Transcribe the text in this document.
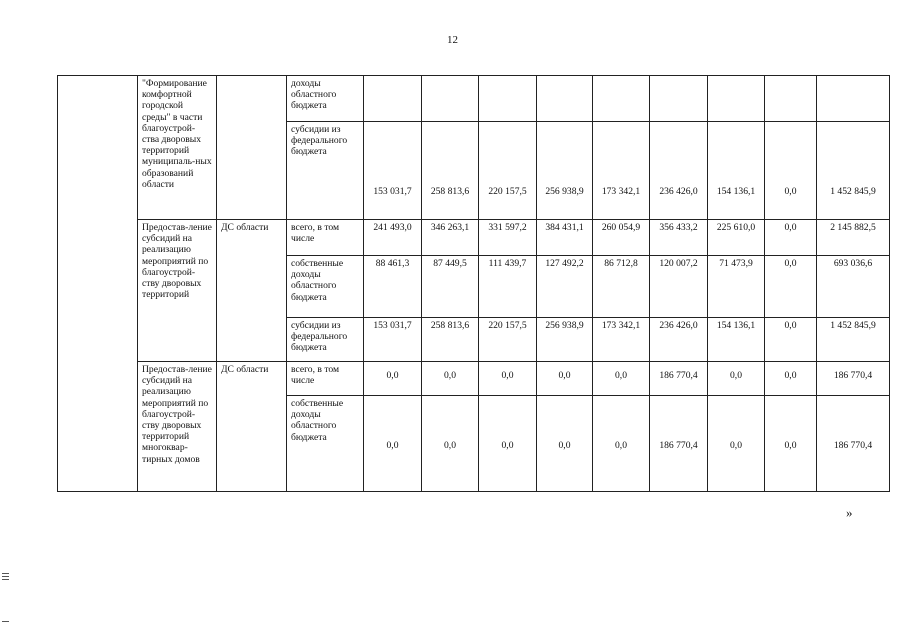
12
	"Формирование комфортной городской среды" в части благоустрой-ства дворовых территорий муниципаль-ных образований области		доходы областного бюджета									
			субсидии из федерального бюджета	153 031,7	258 813,6	220 157,5	256 938,9	173 342,1	236 426,0	154 136,1	0,0	1 452 845,9
	Предостав-ление субсидий на реализацию мероприятий по благоустрой-ству дворовых территорий	ДС области	всего, в том числе	241 493,0	346 263,1	331 597,2	384 431,1	260 054,9	356 433,2	225 610,0	0,0	2 145 882,5
			собственные доходы областного бюджета	88 461,3	87 449,5	111 439,7	127 492,2	86 712,8	120 007,2	71 473,9	0,0	693 036,6
			субсидии из федерального бюджета	153 031,7	258 813,6	220 157,5	256 938,9	173 342,1	236 426,0	154 136,1	0,0	1 452 845,9
	Предостав-ление субсидий на реализацию мероприятий по благоустрой-ству дворовых территорий многоквар-тирных домов	ДС области	всего, в том числе	0,0	0,0	0,0	0,0	0,0	186 770,4	0,0	0,0	186 770,4
			собственные доходы областного бюджета	0,0	0,0	0,0	0,0	0,0	186 770,4	0,0	0,0	186 770,4
»
